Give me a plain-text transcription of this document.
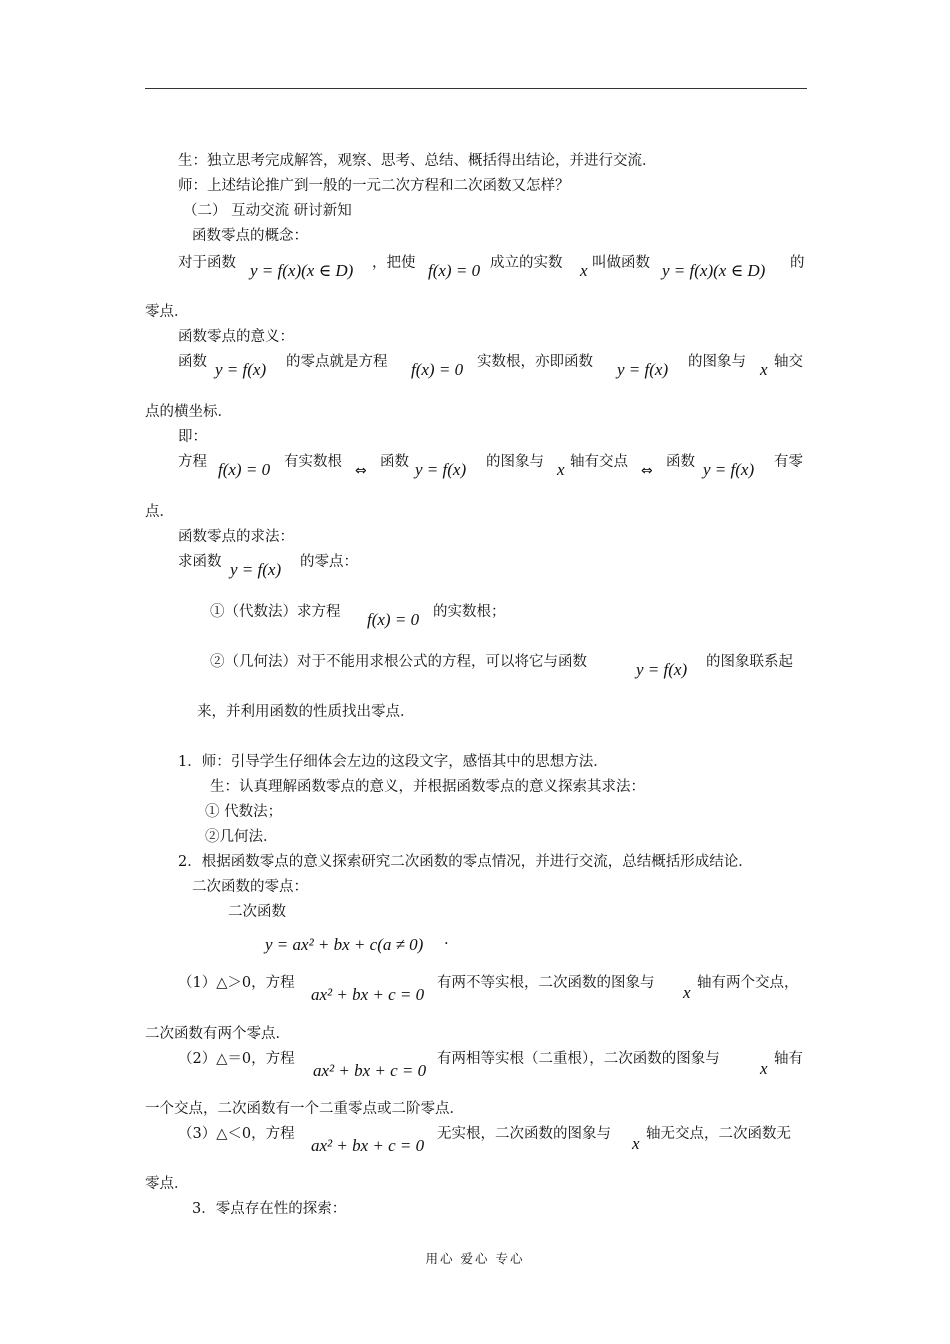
生：独立思考完成解答，观察、思考、总结、概括得出结论，并进行交流．
师：上述结论推广到一般的一元二次方程和二次函数又怎样？
（二） 互动交流 研讨新知
函数零点的概念：
对于函数 y = f(x)(x ∈ D) ，把使 f(x) = 0 成立的实数 x 叫做函数 y = f(x)(x ∈ D) 的
零点．
函数零点的意义：
函数 y = f(x) 的零点就是方程 f(x) = 0 实数根，亦即函数 y = f(x) 的图象与 x 轴交
点的横坐标．
即：
方程 f(x) = 0 有实数根
⇔
函数 y = f(x) 的图象与 x 轴有交点
⇔
函数 y = f(x) 有零
点．
函数零点的求法：
求函数 y = f(x) 的零点：
①（代数法）求方程 f(x) = 0 的实数根；
②（几何法）对于不能用求根公式的方程，可以将它与函数	y = f(x) 的图象联系起
来，并利用函数的性质找出零点．
1．师：引导学生仔细体会左边的这段文字，感悟其中的思想方法．
生：认真理解函数零点的意义，并根据函数零点的意义探索其求法：
① 代数法；
②几何法．
2．根据函数零点的意义探索研究二次函数的零点情况，并进行交流，总结概括形成结论．
二次函数的零点：
二次函数
y = ax² + bx + c(a ≠ 0) .
（1）△＞0，方程
ax² + bx + c = 0
有两不等实根，二次函数的图象与 x 轴有两个交点，
二次函数有两个零点．
（2）△＝0，方程
ax² + bx + c = 0
有两相等实根（二重根），二次函数的图象与 x 轴有
一个交点，二次函数有一个二重零点或二阶零点．
（3）△＜0，方程
ax² + bx + c = 0
无实根，二次函数的图象与 x 轴无交点，二次函数无
零点．
3．零点存在性的探索：
用心 爱心 专心
